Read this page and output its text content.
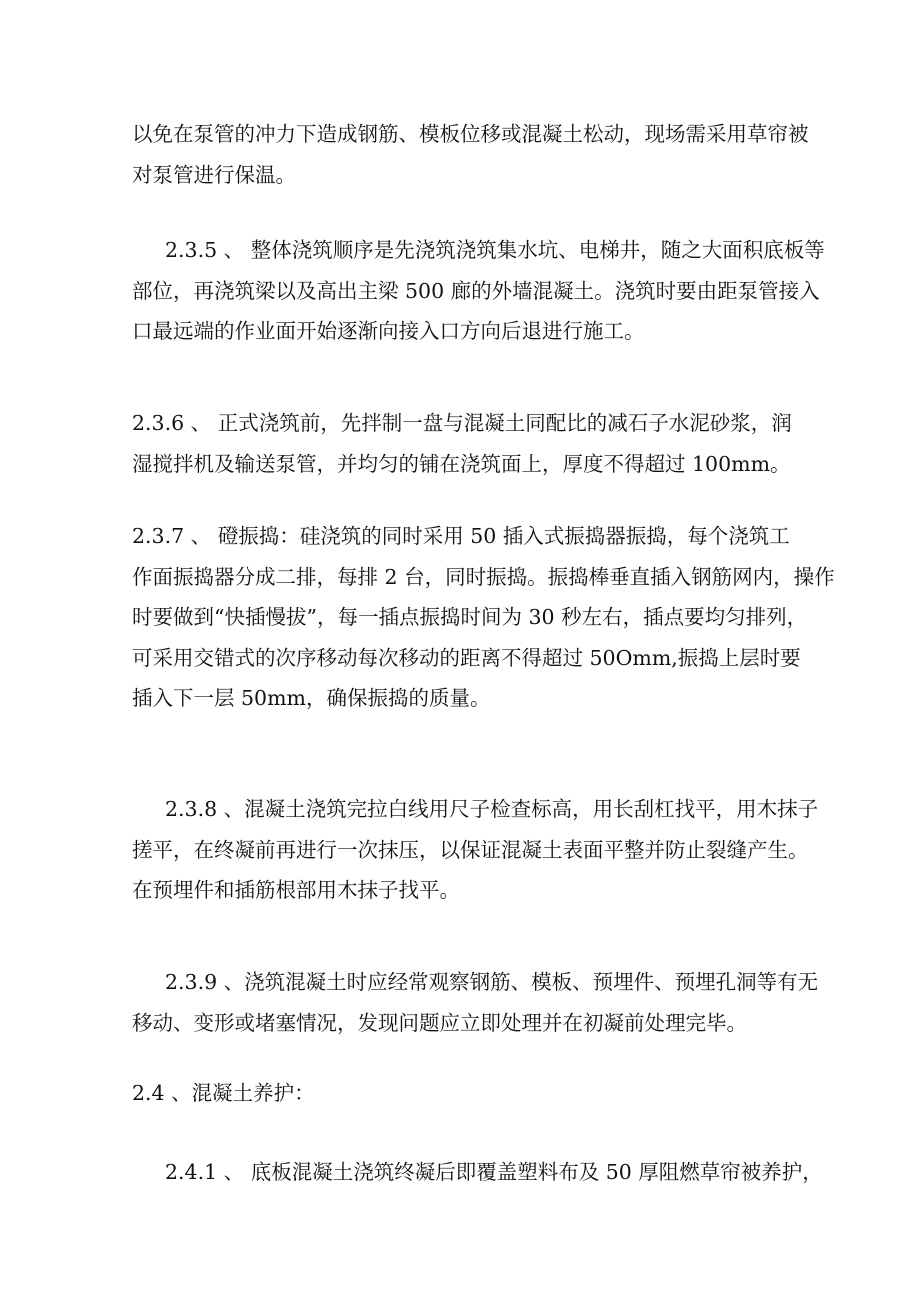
以免在泵管的冲力下造成钢筋、模板位移或混凝土松动，现场需采用草帘被
对泵管进行保温。
2.3.5 、 整体浇筑顺序是先浇筑浇筑集水坑、电梯井，随之大面积底板等
部位，再浇筑梁以及高出主梁 500 廊的外墙混凝土。浇筑时要由距泵管接入
口最远端的作业面开始逐渐向接入口方向后退进行施工。
2.3.6 、 正式浇筑前，先拌制一盘与混凝土同配比的减石子水泥砂浆，润
湿搅拌机及输送泵管，并均匀的铺在浇筑面上，厚度不得超过 100mm。
2.3.7 、 磴振捣：硅浇筑的同时采用 50 插入式振捣器振捣，每个浇筑工
作面振捣器分成二排，每排 2 台，同时振捣。振捣棒垂直插入钢筋网内，操作
时要做到“快插慢拔”，每一插点振捣时间为 30 秒左右，插点要均匀排列，
可采用交错式的次序移动每次移动的距离不得超过 50Omm,振捣上层时要
插入下一层 50mm，确保振捣的质量。
2.3.8 、混凝土浇筑完拉白线用尺子检查标高，用长刮杠找平，用木抹子
搓平，在终凝前再进行一次抹压，以保证混凝土表面平整并防止裂缝产生。
在预埋件和插筋根部用木抹子找平。
2.3.9 、浇筑混凝土时应经常观察钢筋、模板、预埋件、预埋孔洞等有无
移动、变形或堵塞情况，发现问题应立即处理并在初凝前处理完毕。
2.4 、混凝土养护：
2.4.1 、 底板混凝土浇筑终凝后即覆盖塑料布及 50 厚阻燃草帘被养护，
